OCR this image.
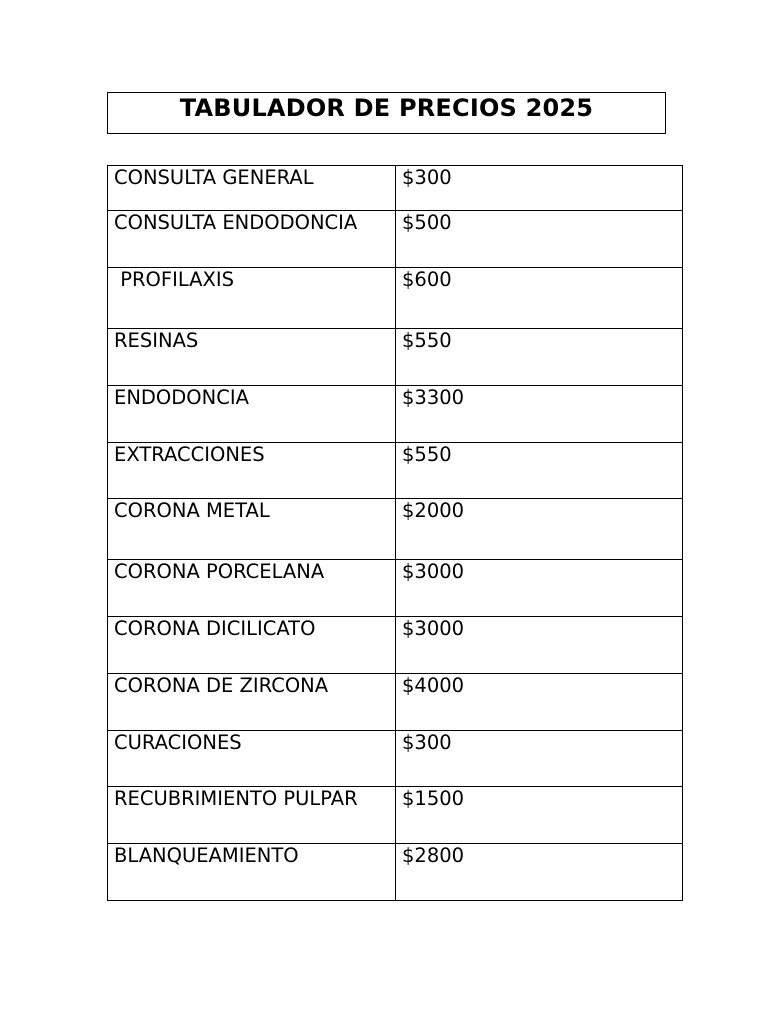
TABULADOR DE PRECIOS 2025
CONSULTA GENERAL	$300

CONSULTA ENDODONCIA	$500

PROFILAXIS	$600

RESINAS	$550

ENDODONCIA	$3300

EXTRACCIONES	$550

CORONA METAL	$2000

CORONA PORCELANA	$3000

CORONA DICILICATO	$3000

CORONA DE ZIRCONA	$4000

CURACIONES	$300

RECUBRIMIENTO PULPAR	$1500

BLANQUEAMIENTO	$2800
